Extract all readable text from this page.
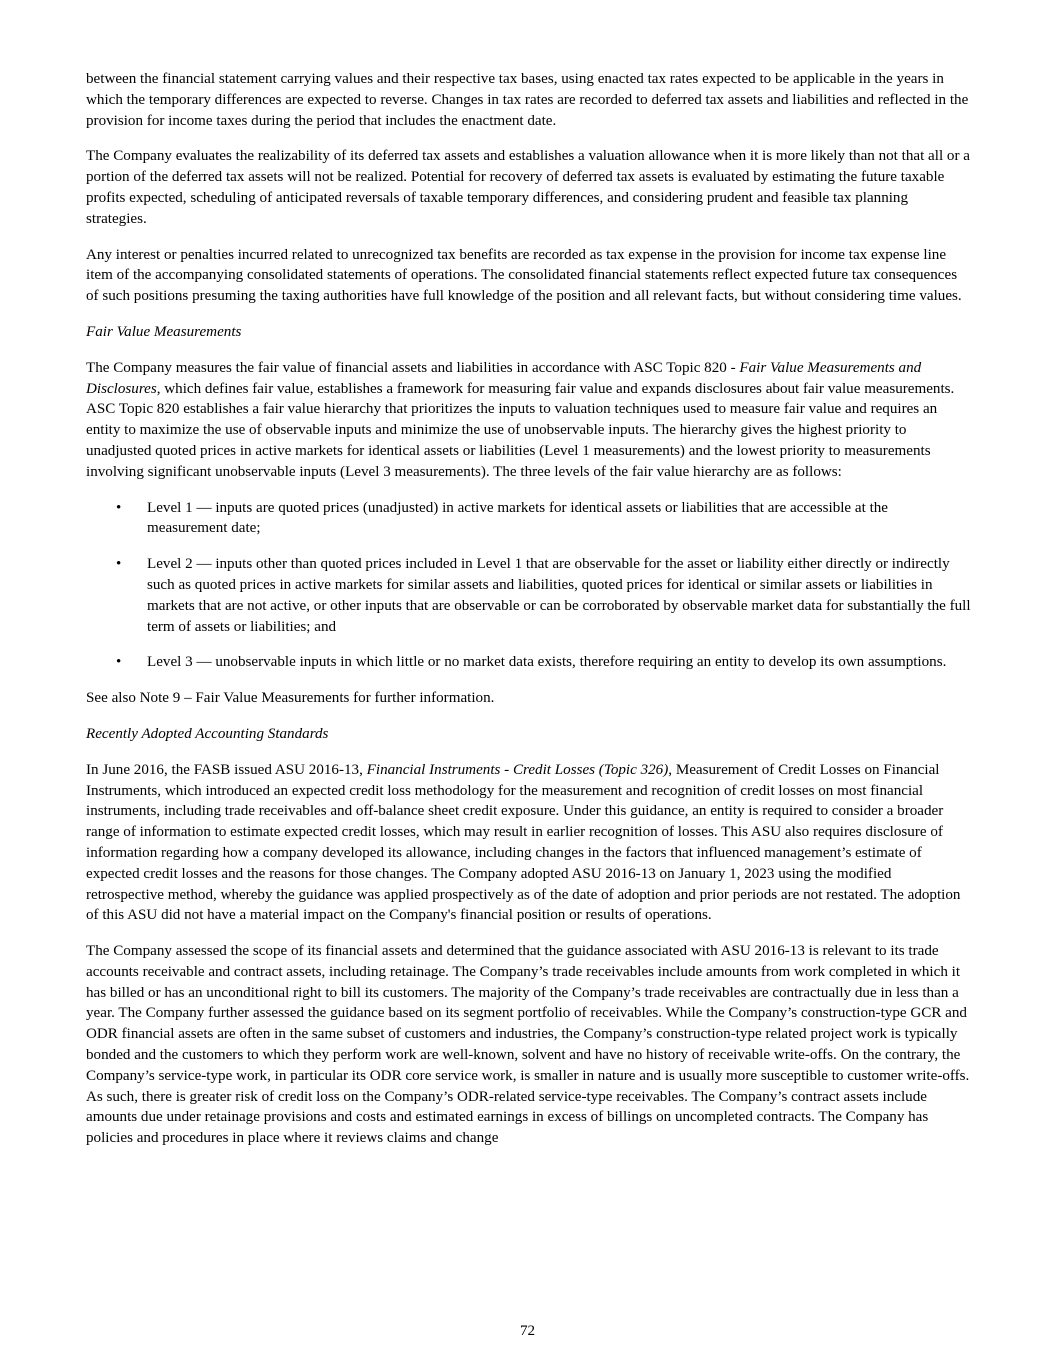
between the financial statement carrying values and their respective tax bases, using enacted tax rates expected to be applicable in the years in which the temporary differences are expected to reverse. Changes in tax rates are recorded to deferred tax assets and liabilities and reflected in the provision for income taxes during the period that includes the enactment date.

The Company evaluates the realizability of its deferred tax assets and establishes a valuation allowance when it is more likely than not that all or a portion of the deferred tax assets will not be realized. Potential for recovery of deferred tax assets is evaluated by estimating the future taxable profits expected, scheduling of anticipated reversals of taxable temporary differences, and considering prudent and feasible tax planning strategies.

Any interest or penalties incurred related to unrecognized tax benefits are recorded as tax expense in the provision for income tax expense line item of the accompanying consolidated statements of operations. The consolidated financial statements reflect expected future tax consequences of such positions presuming the taxing authorities have full knowledge of the position and all relevant facts, but without considering time values.

Fair Value Measurements

The Company measures the fair value of financial assets and liabilities in accordance with ASC Topic 820 - Fair Value Measurements and Disclosures, which defines fair value, establishes a framework for measuring fair value and expands disclosures about fair value measurements. ASC Topic 820 establishes a fair value hierarchy that prioritizes the inputs to valuation techniques used to measure fair value and requires an entity to maximize the use of observable inputs and minimize the use of unobservable inputs. The hierarchy gives the highest priority to unadjusted quoted prices in active markets for identical assets or liabilities (Level 1 measurements) and the lowest priority to measurements involving significant unobservable inputs (Level 3 measurements). The three levels of the fair value hierarchy are as follows:

• Level 1 — inputs are quoted prices (unadjusted) in active markets for identical assets or liabilities that are accessible at the measurement date;
• Level 2 — inputs other than quoted prices included in Level 1 that are observable for the asset or liability either directly or indirectly such as quoted prices in active markets for similar assets and liabilities, quoted prices for identical or similar assets or liabilities in markets that are not active, or other inputs that are observable or can be corroborated by observable market data for substantially the full term of assets or liabilities; and
• Level 3 — unobservable inputs in which little or no market data exists, therefore requiring an entity to develop its own assumptions.

See also Note 9 – Fair Value Measurements for further information.

Recently Adopted Accounting Standards

In June 2016, the FASB issued ASU 2016-13, Financial Instruments - Credit Losses (Topic 326), Measurement of Credit Losses on Financial Instruments, which introduced an expected credit loss methodology for the measurement and recognition of credit losses on most financial instruments, including trade receivables and off-balance sheet credit exposure. Under this guidance, an entity is required to consider a broader range of information to estimate expected credit losses, which may result in earlier recognition of losses. This ASU also requires disclosure of information regarding how a company developed its allowance, including changes in the factors that influenced management’s estimate of expected credit losses and the reasons for those changes. The Company adopted ASU 2016-13 on January 1, 2023 using the modified retrospective method, whereby the guidance was applied prospectively as of the date of adoption and prior periods are not restated. The adoption of this ASU did not have a material impact on the Company's financial position or results of operations.

The Company assessed the scope of its financial assets and determined that the guidance associated with ASU 2016-13 is relevant to its trade accounts receivable and contract assets, including retainage. The Company’s trade receivables include amounts from work completed in which it has billed or has an unconditional right to bill its customers. The majority of the Company’s trade receivables are contractually due in less than a year. The Company further assessed the guidance based on its segment portfolio of receivables. While the Company’s construction-type GCR and ODR financial assets are often in the same subset of customers and industries, the Company’s construction-type related project work is typically bonded and the customers to which they perform work are well-known, solvent and have no history of receivable write-offs. On the contrary, the Company’s service-type work, in particular its ODR core service work, is smaller in nature and is usually more susceptible to customer write-offs. As such, there is greater risk of credit loss on the Company’s ODR-related service-type receivables. The Company’s contract assets include amounts due under retainage provisions and costs and estimated earnings in excess of billings on uncompleted contracts. The Company has policies and procedures in place where it reviews claims and change

72
